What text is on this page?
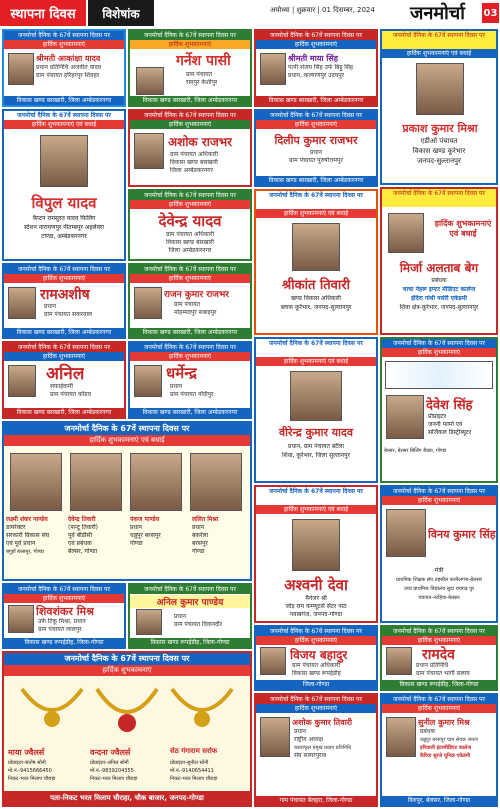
स्थापना दिवस	विशेषांक	अयोध्या | शुक्रवार | 01 दिसम्बर, 2024 जनमोर्चा 03
जनमोर्चा दैनिक के 67वें स्थापना दिवस पर
हार्दिक शुभकामनाएं
श्रीमती आकांक्षा यादव
प्रधान प्रतिनिधि अजवीत यादव
ग्राम पंचायत हरिहरपुर शिवहर
विकास खण्ड बसखारी, जिला अम्बेडकरनगर
जनमोर्चा दैनिक के 67वें स्थापना दिवस पर
हार्दिक शुभकामनाएं
गर्नेश पासी
ग्राम पंचायत
रामपुर केशीपुर
विकास खण्ड बसखारी, जिला अम्बेडकरनगर
जनमोर्चा दैनिक के 67वें स्थापना दिवस पर
हार्दिक शुभकामनाएं
श्रीमती माया सिंह
पत्नी संजय सिंह उर्फ बिट्टू सिंह
प्रधान, कल्याणपुर उदयपुर
विकास खण्ड बसखारी, जिला अम्बेडकरनगर
जनमोर्चा दैनिक के 67वें स्थापना दिवस पर
हार्दिक शुभकामनाएं एवं बधाई
प्रकाश कुमार मिश्रा
एडीओ पंचायत
विकास खण्ड कूरेभार
जनपद-सुल्तानपुर
जनमोर्चा दैनिक के 67वें स्थापना दिवस पर
हार्दिक शुभकामनाएं एवं बधाई
विपुल यादव
कैप्टन रामसुरत यादव फिलिंग
स्टेशन नारायणपुर पीतम्बपुर अहलेवरा
टाण्डा, अम्बेडकरनगर
जनमोर्चा दैनिक के 67वें स्थापना दिवस पर
हार्दिक शुभकामनाएं
अशोक राजभर
ग्राम पंचायत अधिकारी
विकास खण्ड बसखारी
जिला अम्बेडकरनगर
जनमोर्चा दैनिक के 67वें स्थापना दिवस पर
हार्दिक शुभकामनाएं
दिलीप कुमार राजभर
प्रधान
ग्राम पंचायत पुरुषोत्तमपुर
विकास खण्ड बसखारी, जिला अम्बेडकरनगर
जनमोर्चा दैनिक के 67वें स्थापना दिवस पर
हार्दिक शुभकामनाएं
देवेन्द्र यादव
ग्राम पंचायत अधिकारी
विकास खण्ड बसखारी
जिला अम्बेडकरनगर
जनमोर्चा दैनिक के 67वें स्थापना दिवस पर
हार्दिक शुभकामनाएं एवं बधाई
श्रीकांत तिवारी
खण्ड विकास अधिकारी
ब्लाक कूरेभार, जनपद-सुल्तानपुर
जनमोर्चा दैनिक के 67वें स्थापना दिवस पर
हार्दिक शुभकामनाएं एवं बधाई
मिर्जा अलताब बेग
प्रबंधक
चाचा नेहरू इण्टर मीडिएट कालेज
इंदिरा गांधी नर्सरी एकेडमी
शिवा क्षेत्र-कूरेभार, जनपद-सुल्तानपुर
जनमोर्चा दैनिक के 67वें स्थापना दिवस पर
हार्दिक शुभकामनाएं
रामअशीष
प्रधान
ग्राम पंचायत सकरवाल
विकास खण्ड बसखारी, जिला अम्बेडकरनगर
जनमोर्चा दैनिक के 67वें स्थापना दिवस पर
हार्दिक शुभकामनाएं
राजन कुमार राजभर
ग्राम पंचायत
मोहम्मदपुर सबाइपुर
विकास खण्ड बसखारी, जिला अम्बेडकरनगर
जनमोर्चा दैनिक के 67वें स्थापना दिवस पर
हार्दिक शुभकामनाएं
अनिल
सफाईकर्मी
ग्राम पंचायत कोंडरा
विकास खण्ड बसखारी, जिला अम्बेडकरनगर
जनमोर्चा दैनिक के 67वें स्थापना दिवस पर
हार्दिक शुभकामनाएं
धर्मेन्द्र
प्रधान
ग्राम पंचायत नोंदीपुर
विकास खण्ड बसखारी, जिला अम्बेडकरनगर
जनमोर्चा दैनिक के 67वें स्थापना दिवस पर
हार्दिक शुभकामनाएं एवं बधाई
वीरेन्द्र कुमार यादव
प्रधान, ग्राम पंचायत बटैला
शिवा, कूरेभार, जिला सुल्तानपुर
जनमोर्चा दैनिक के 67वें स्थापना दिवस पर
हार्दिक शुभकामनाएं
देवेश सिंह
प्रोप्राइटर
जननी फार्मा एवं
सर्जिकल डिस्ट्रीब्यूटर
बेल्सर, बेल्सर बिलिंग बैच्छा, गोण्डा
जनमोर्चा दैनिक के 67वें स्थापना दिवस पर
हार्दिक शुभकामनाएं एवं बधाई
लक्ष्मी शंकर पाण्डेय
डायरेक्टर
सरकारी विकास संघ
एवं पूर्व प्रधान
बगुहाँ बरसपुर, गोण्डा
देवेन्द्र तिवारी
(फन्टू तिवारी)
पूर्व बीडीसी
एवं प्रबंधक
बेल्सर, गोण्डा
पंकज पाण्डेय
प्रधान
धन्नुपुर बरसपुर
गोण्डा
ललित मिश्रा
प्रधान
बकरेला
बरसपुर
गोण्डा
जनमोर्चा दैनिक के 67वें स्थापना दिवस पर
हार्दिक शुभकामनाएं एवं बधाई
अश्वनी देवा
मैनेजर श्री
जोड़ राम कम्प्यूटर्स सेंटर पाठ
नवाबगंज, जनपद-गोण्डा
जनमोर्चा दैनिक के 67वें स्थापना दिवस पर
हार्दिक शुभकामनाएं
विनय कुमार सिंह
मंत्री
प्राथमिक शिक्षक संघ तहसील करनैलगंज-बेलसर
उच्च प्राथमिक विद्यालय सुदा रायगढ़ पुर
पंचायत-नरहिया-बेलसर
जनमोर्चा दैनिक के 67वें स्थापना दिवस पर
हार्दिक शुभकामनाएं
शिवशंकर मिश्र
उर्फ टिंकू मिश्रा, प्रधान
ग्राम पंचायत लालपुर
विकास खण्ड रूपईडीह, जिला-गोण्डा
जनमोर्चा दैनिक के 67वें स्थापना दिवस पर
अनिल कुमार पाण्डेय
प्रधान
ग्राम पंचायत दिवानदीर
विकास खण्ड रूपईडीह, जिला-गोण्डा
जनमोर्चा दैनिक के 67वें स्थापना दिवस पर
हार्दिक शुभकामनाएं
विजय बहादुर
ग्राम पंचायत अधिकारी
विकास खण्ड रूपईडीह
जिला-गोण्डा
जनमोर्चा दैनिक के 67वें स्थापना दिवस पर
हार्दिक शुभकामनाएं
रामदेव
प्रधान प्रतिनिधि
ग्राम पंचायत भागी सलाय
विकास खण्ड रूपईडीह, जिला-गोण्डा
जनमोर्चा दैनिक के 67वें स्थापना दिवस पर
हार्दिक शुभकामनाएं
माया ज्वैलर्स
प्रोप्राइटर-संतोष सोनी
मो.नं.-9415666450
निकट-भरत मिलाप चौराहा
वन्दना ज्वैलर्स
प्रोप्राइटर-अनिल सोनी
मो.नं.-9839204355
निकट-भरत मिलाप चौराहा
सेठ गंगाराम सर्राफ
प्रोप्राइटर-सुनील सोनी
मो.नं.-9140654411
निकट-भरत मिलाप चौराहा
पता-निकट भरत मिलाप चौराहा, चौक बाजार, जनपद-गोण्डा
जनमोर्चा दैनिक के 67वें स्थापना दिवस पर
हार्दिक शुभकामनाएं
अशोक कुमार तिवारी
प्रधान
राष्ट्रीय अध्यक्ष
कालाफूल प्रमुख प्रधान प्रतिनिधि
संघ सलारपुरवा
गाम पंचायत बेलहरा, जिला-गोण्डा
जनमोर्चा दैनिक के 67वें स्थापना दिवस पर
हार्दिक शुभकामनाएं
सुनील कुमार मिश्र
प्रबंधक
धन्नुपुर बरसपुर ग्राम सेवक जनता
हरियाली इंटरमीडिएट कालेज
कैरिया सुरजे यूनिक एकेडमी
विरुपुर, बेलसर, जिला-गोण्डा
